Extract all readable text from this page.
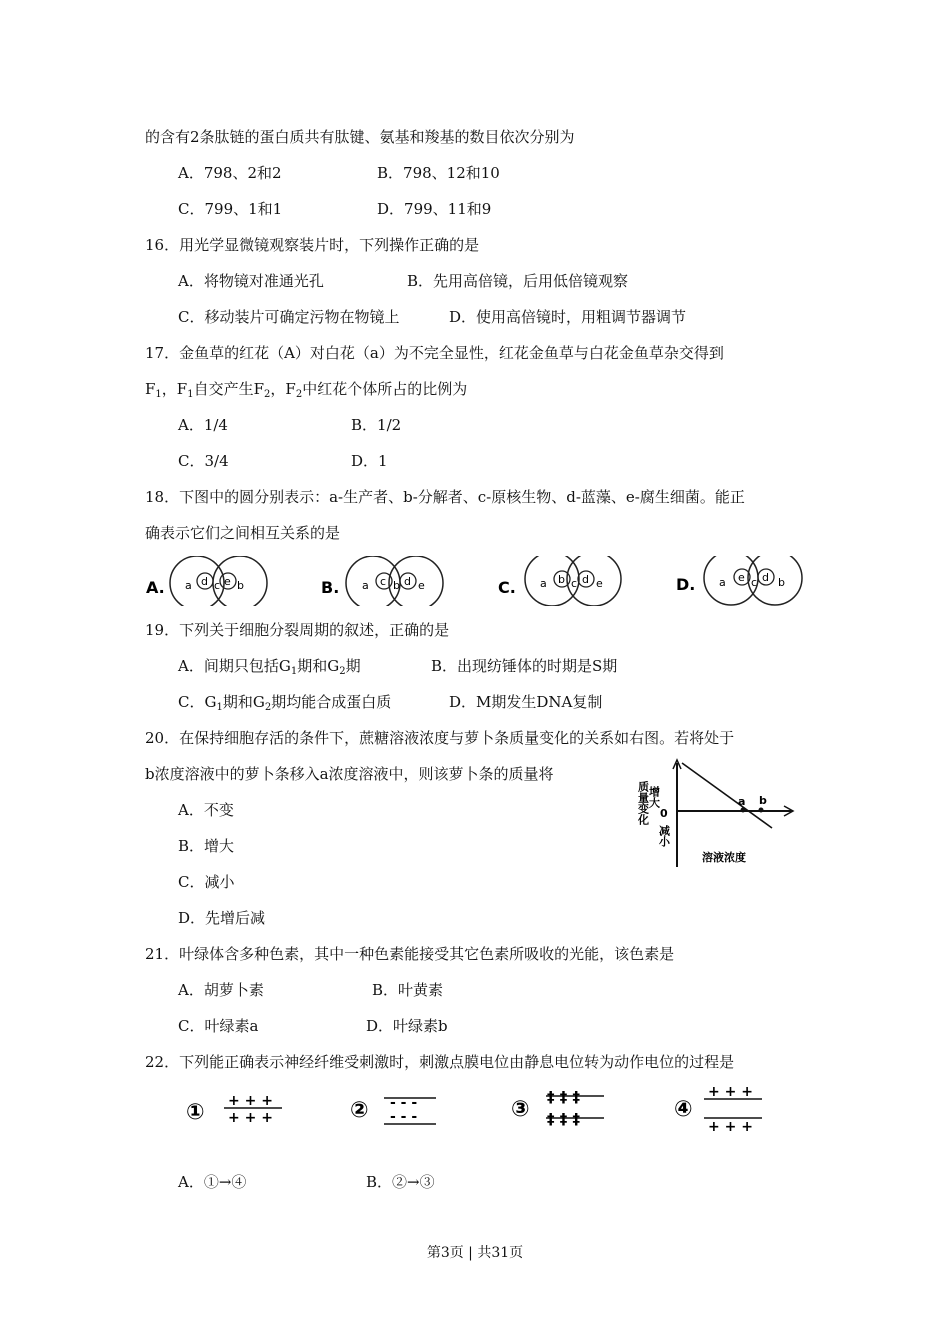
的含有2条肽链的蛋白质共有肽键、氨基和羧基的数目依次分别为
A．798、2和2	B．798、12和10
C．799、1和1	D．799、11和9
16．用光学显微镜观察装片时，下列操作正确的是
A．将物镜对准通光孔	B．先用高倍镜，后用低倍镜观察
C．移动装片可确定污物在物镜上	D．使用高倍镜时，用粗调节器调节
17．金鱼草的红花（A）对白花（a）为不完全显性，红花金鱼草与白花金鱼草杂交得到
$F_1$，$F_1$自交产生$F_2$，$F_2$中红花个体所占的比例为
A．1/4	B．1/2
C．3/4	D．1
18．下图中的圆分别表示：a-生产者、b-分解者、c-原核生物、d-蓝藻、e-腐生细菌。能正
确表示它们之间相互关系的是
A. a d c e b	B. a c b d e	C. a b c d e	D. a e c d b
19．下列关于细胞分裂周期的叙述，正确的是
A．间期只包括$G_1$期和$G_2$期	B．出现纺锤体的时期是S期
C．$G_1$期和$G_2$期均能合成蛋白质	D．M期发生DNA复制
20．在保持细胞存活的条件下，蔗糖溶液浓度与萝卜条质量变化的关系如右图。若将处于
b浓度溶液中的萝卜条移入a浓度溶液中，则该萝卜条的质量将
A．不变
B．增大
C．减小
D．先增后减
a b
增大
0
减小
质量变化
溶液浓度
21．叶绿体含多种色素，其中一种色素能接受其它色素所吸收的光能，该色素是
A．胡萝卜素	B．叶黄素
C．叶绿素a	D．叶绿素b
22．下列能正确表示神经纤维受刺激时，刺激点膜电位由静息电位转为动作电位的过程是
① + + +
+ + +	② - - -
- - -	③ ‡ ‡ ‡
‡ ‡ ‡	④
+ + +
+ + +
A．①→④	B．②→③
第3页 | 共31页
